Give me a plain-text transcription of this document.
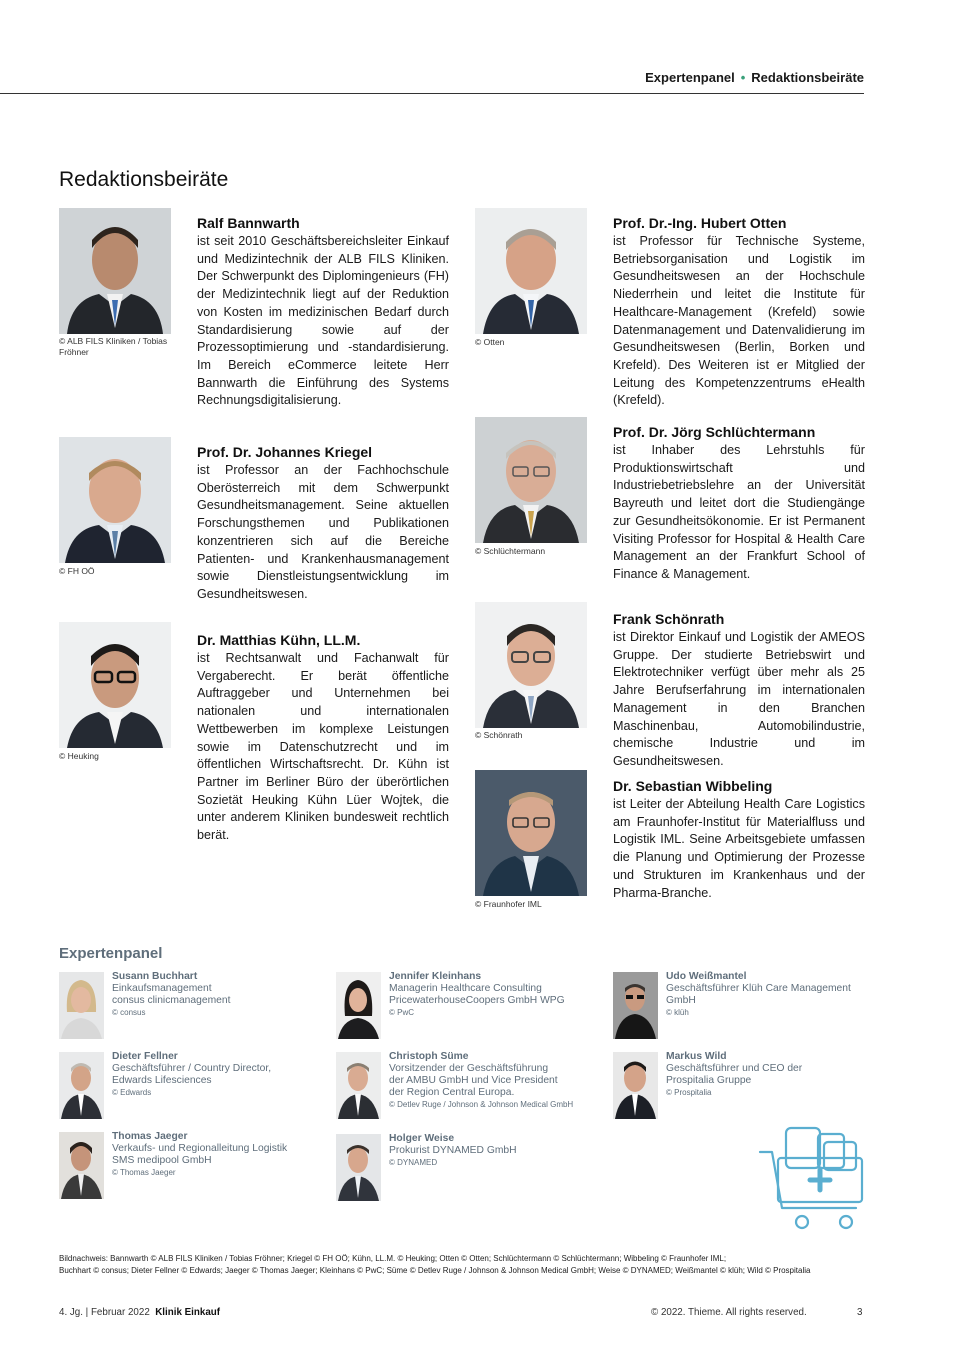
Expertenpanel • Redaktionsbeiräte
Redaktionsbeiräte
© ALB FILS Kliniken / Tobias Fröhner
Ralf Bannwarth
ist seit 2010 Geschäftsbereichsleiter Einkauf und Medizintechnik der ALB FILS Kliniken. Der Schwerpunkt des Diplomingenieurs (FH) der Medizintechnik liegt auf der Reduktion von Kosten im medizinischen Bedarf durch Standardisierung sowie auf der Prozessoptimierung und -standardisierung. Im Bereich eCommerce leitete Herr Bannwarth die Einführung des Systems Rechnungsdigitalisierung.
© FH OÖ
Prof. Dr. Johannes Kriegel
ist Professor an der Fachhochschule Oberösterreich mit dem Schwerpunkt Gesundheitsmanagement. Seine aktuellen Forschungsthemen und Publikationen konzentrieren sich auf die Bereiche Patienten- und Krankenhausmanagement sowie Dienstleistungsentwicklung im Gesundheitswesen.
© Heuking
Dr. Matthias Kühn, LL.M.
ist Rechtsanwalt und Fachanwalt für Vergaberecht. Er berät öffentliche Auftraggeber und Unternehmen bei nationalen und internationalen Wettbewerben im komplexe Leistungen sowie im Datenschutzrecht und im öffentlichen Wirtschaftsrecht. Dr. Kühn ist Partner im Berliner Büro der überörtlichen Sozietät Heuking Kühn Lüer Wojtek, die unter anderem Kliniken bundesweit rechtlich berät.
© Otten
Prof. Dr.-Ing. Hubert Otten
ist Professor für Technische Systeme, Betriebsorganisation und Logistik im Gesundheitswesen an der Hochschule Niederrhein und leitet die Institute für Healthcare-Management (Krefeld) sowie Datenmanagement und Datenvalidierung im Gesundheitswesen (Berlin, Borken und Krefeld). Des Weiteren ist er Mitglied der Leitung des Kompetenzzentrums eHealth (Krefeld).
© Schlüchtermann
Prof. Dr. Jörg Schlüchtermann
ist Inhaber des Lehrstuhls für Produktionswirtschaft und Industriebetriebslehre an der Universität Bayreuth und leitet dort die Studiengänge zur Gesundheitsökonomie. Er ist Permanent Visiting Professor for Hospital & Health Care Management an der Frankfurt School of Finance & Management.
© Schönrath
Frank Schönrath
ist Direktor Einkauf und Logistik der AMEOS Gruppe. Der studierte Betriebswirt und Elektrotechniker verfügt über mehr als 25 Jahre Berufserfahrung im internationalen Management in den Branchen Maschinenbau, Automobilindustrie, chemische Industrie und im Gesundheitswesen.
© Fraunhofer IML
Dr. Sebastian Wibbeling
ist Leiter der Abteilung Health Care Logistics am Fraunhofer-Institut für Materialfluss und Logistik IML. Seine Arbeitsgebiete umfassen die Planung und Optimierung der Prozesse und Strukturen im Krankenhaus und der Pharma-Branche.
Expertenpanel
Susann Buchhart
Einkaufsmanagement
consus clinicmanagement
© consus
Dieter Fellner
Geschäftsführer / Country Director,
Edwards Lifesciences
© Edwards
Thomas Jaeger
Verkaufs- und Regionalleitung Logistik
SMS medipool GmbH
© Thomas Jaeger
Jennifer Kleinhans
Managerin Healthcare Consulting
PricewaterhouseCoopers GmbH WPG
© PwC
Christoph Süme
Vorsitzender der Geschäftsführung
der AMBU GmbH und Vice President
der Region Central Europa.
© Detlev Ruge / Johnson & Johnson Medical GmbH
Holger Weise
Prokurist DYNAMED GmbH
© DYNAMED
Udo Weißmantel
Geschäftsführer Klüh Care Management
GmbH
© klüh
Markus Wild
Geschäftsführer und CEO der
Prospitalia Gruppe
© Prospitalia
Bildnachweis: Bannwarth © ALB FILS Kliniken / Tobias Fröhner; Kriegel © FH OÖ; Kühn, LL.M. © Heuking; Otten © Otten; Schlüchtermann © Schlüchtermann; Wibbeling © Fraunhofer IML;
Buchhart © consus; Dieter Fellner © Edwards; Jaeger © Thomas Jaeger; Kleinhans © PwC; Süme © Detlev Ruge / Johnson & Johnson Medical GmbH; Weise © DYNAMED; Weißmantel © klüh; Wild © Prospitalia
4. Jg. | Februar 2022 Klinik Einkauf	© 2022. Thieme. All rights reserved.	3
